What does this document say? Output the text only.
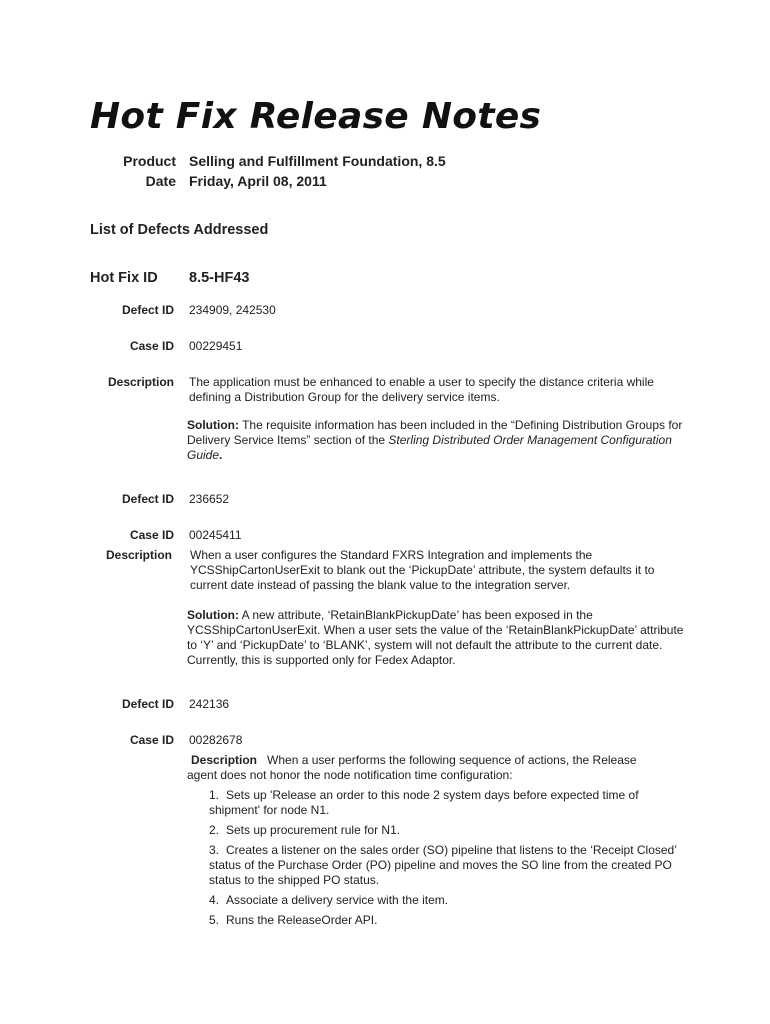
Hot Fix Release Notes
Product Selling and Fulfillment Foundation, 8.5
Date Friday, April 08, 2011
List of Defects Addressed
Hot Fix ID 8.5-HF43
Defect ID 234909, 242530
Case ID 00229451
Description The application must be enhanced to enable a user to specify the distance criteria while defining a Distribution Group for the delivery service items.
Solution: The requisite information has been included in the “Defining Distribution Groups for Delivery Service Items” section of the Sterling Distributed Order Management Configuration Guide.
Defect ID 236652
Case ID 00245411
Description When a user configures the Standard FXRS Integration and implements the YCSShipCartonUserExit to blank out the ‘PickupDate’ attribute, the system defaults it to current date instead of passing the blank value to the integration server.
Solution: A new attribute, ‘RetainBlankPickupDate’ has been exposed in the YCSShipCartonUserExit. When a user sets the value of the ‘RetainBlankPickupDate’ attribute to ‘Y’ and ‘PickupDate’ to ‘BLANK’, system will not default the attribute to the current date. Currently, this is supported only for Fedex Adaptor.
Defect ID 242136
Case ID 00282678
Description When a user performs the following sequence of actions, the Release agent does not honor the node notification time configuration:
1. Sets up 'Release an order to this node 2 system days before expected time of shipment' for node N1.
2. Sets up procurement rule for N1.
3. Creates a listener on the sales order (SO) pipeline that listens to the ‘Receipt Closed’ status of the Purchase Order (PO) pipeline and moves the SO line from the created PO status to the shipped PO status.
4. Associate a delivery service with the item.
5. Runs the ReleaseOrder API.
